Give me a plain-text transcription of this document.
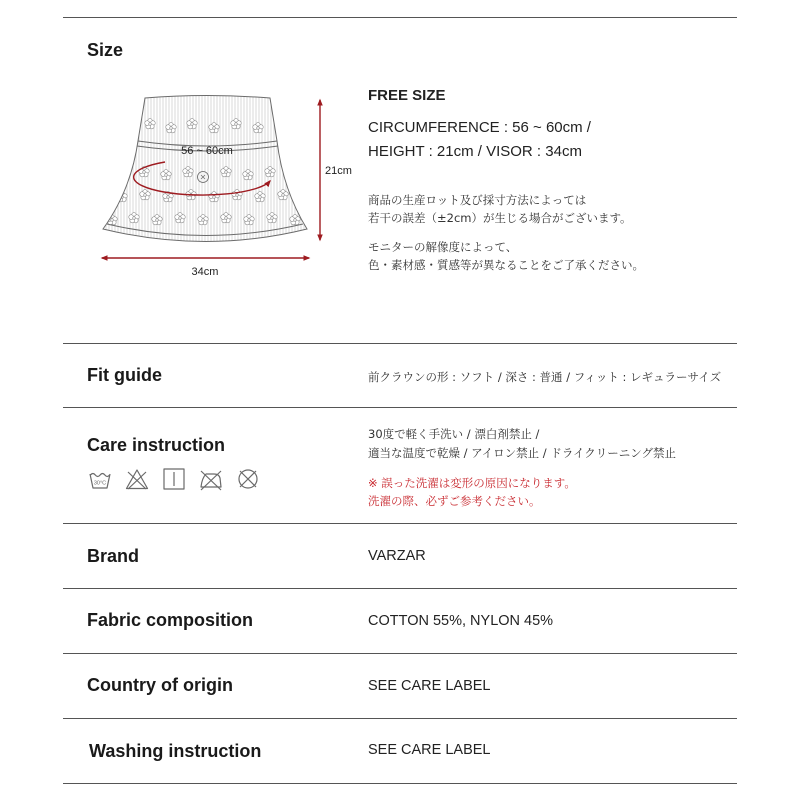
Size
56 ~ 60cm
21cm
34cm
FREE SIZE
CIRCUMFERENCE : 56 ~ 60cm /
HEIGHT : 21cm / VISOR : 34cm
商品の生産ロット及び採寸方法によっては
若干の誤差（±2cm）が生じる場合がございます。
モニターの解像度によって、
色・素材感・質感等が異なることをご了承ください。
Fit guide	前クラウンの形 : ソフト / 深さ : 普通 / フィット : レギュラーサイズ
Care instruction
30°C
30度で軽く手洗い / 漂白剤禁止 /
適当な温度で乾燥 / アイロン禁止 / ドライクリーニング禁止
※ 誤った洗濯は変形の原因になります。
洗濯の際、必ずご参考ください。
Brand	VARZAR
Fabric composition	COTTON 55%, NYLON 45%
Country of origin	SEE CARE LABEL
Washing instruction	SEE CARE LABEL
